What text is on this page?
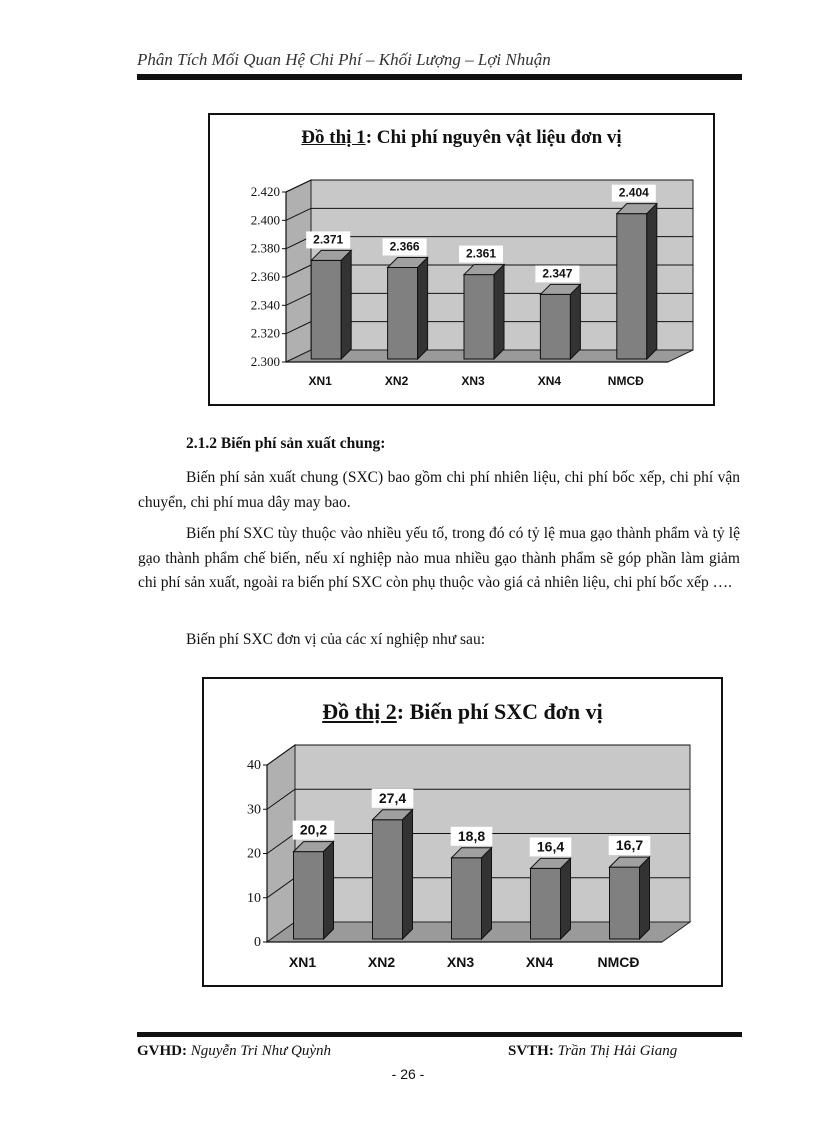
Phân Tích Mối Quan Hệ Chi Phí – Khối Lượng – Lợi Nhuận
Đồ thị 1: Chi phí nguyên vật liệu đơn vị
2.300
2.320
2.340
2.360
2.380
2.400
2.420
2.371
XN1
2.366
XN2
2.361
XN3
2.347
XN4
2.404
NMCĐ
2.1.2 Biến phí sản xuất chung:
Biến phí sản xuất chung (SXC) bao gồm chi phí nhiên liệu, chi phí bốc xếp, chi phí vận chuyển, chi phí mua dây may bao.
Biến phí SXC tùy thuộc vào nhiều yếu tố, trong đó có tỷ lệ mua gạo thành phẩm và tỷ lệ gạo thành phẩm chế biến, nếu xí nghiệp nào mua nhiều gạo thành phẩm sẽ góp phần làm giảm chi phí sản xuất, ngoài ra biến phí SXC còn phụ thuộc vào giá cả nhiên liệu, chi phí bốc xếp ….
Biến phí SXC đơn vị của các xí nghiệp như sau:
Đồ thị 2: Biến phí SXC đơn vị
0
10
20
30
40
20,2
XN1
27,4
XN2
18,8
XN3
16,4
XN4
16,7
NMCĐ
GVHD: Nguyễn Tri Như Quỳnh	SVTH: Trần Thị Hải Giang
- 26 -
